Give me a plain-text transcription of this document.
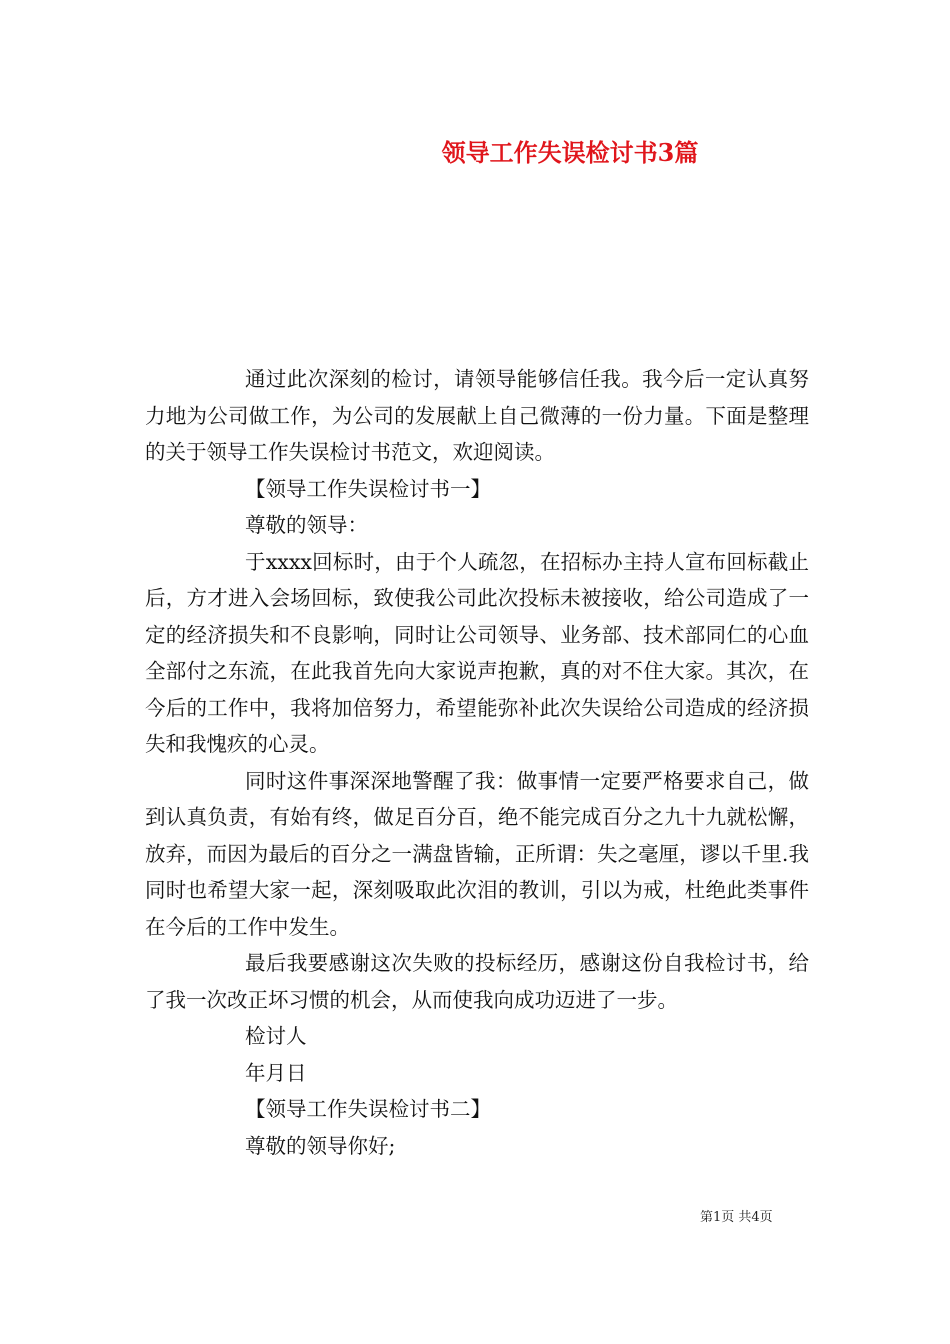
领导工作失误检讨书3篇

通过此次深刻的检讨，请领导能够信任我。我今后一定认真努力地为公司做工作，为公司的发展献上自己微薄的一份力量。下面是整理的关于领导工作失误检讨书范文，欢迎阅读。

【领导工作失误检讨书一】

尊敬的领导：

于xxxx回标时，由于个人疏忽，在招标办主持人宣布回标截止后，方才进入会场回标，致使我公司此次投标未被接收，给公司造成了一定的经济损失和不良影响，同时让公司领导、业务部、技术部同仁的心血全部付之东流，在此我首先向大家说声抱歉，真的对不住大家。其次，在今后的工作中，我将加倍努力，希望能弥补此次失误给公司造成的经济损失和我愧疚的心灵。

同时这件事深深地警醒了我：做事情一定要严格要求自己，做到认真负责，有始有终，做足百分百，绝不能完成百分之九十九就松懈，放弃，而因为最后的百分之一满盘皆输，正所谓：失之毫厘，谬以千里.我同时也希望大家一起，深刻吸取此次泪的教训，引以为戒，杜绝此类事件在今后的工作中发生。

最后我要感谢这次失败的投标经历，感谢这份自我检讨书，给了我一次改正坏习惯的机会，从而使我向成功迈进了一步。

检讨人

年月日

【领导工作失误检讨书二】

尊敬的领导你好;

第1页 共4页
